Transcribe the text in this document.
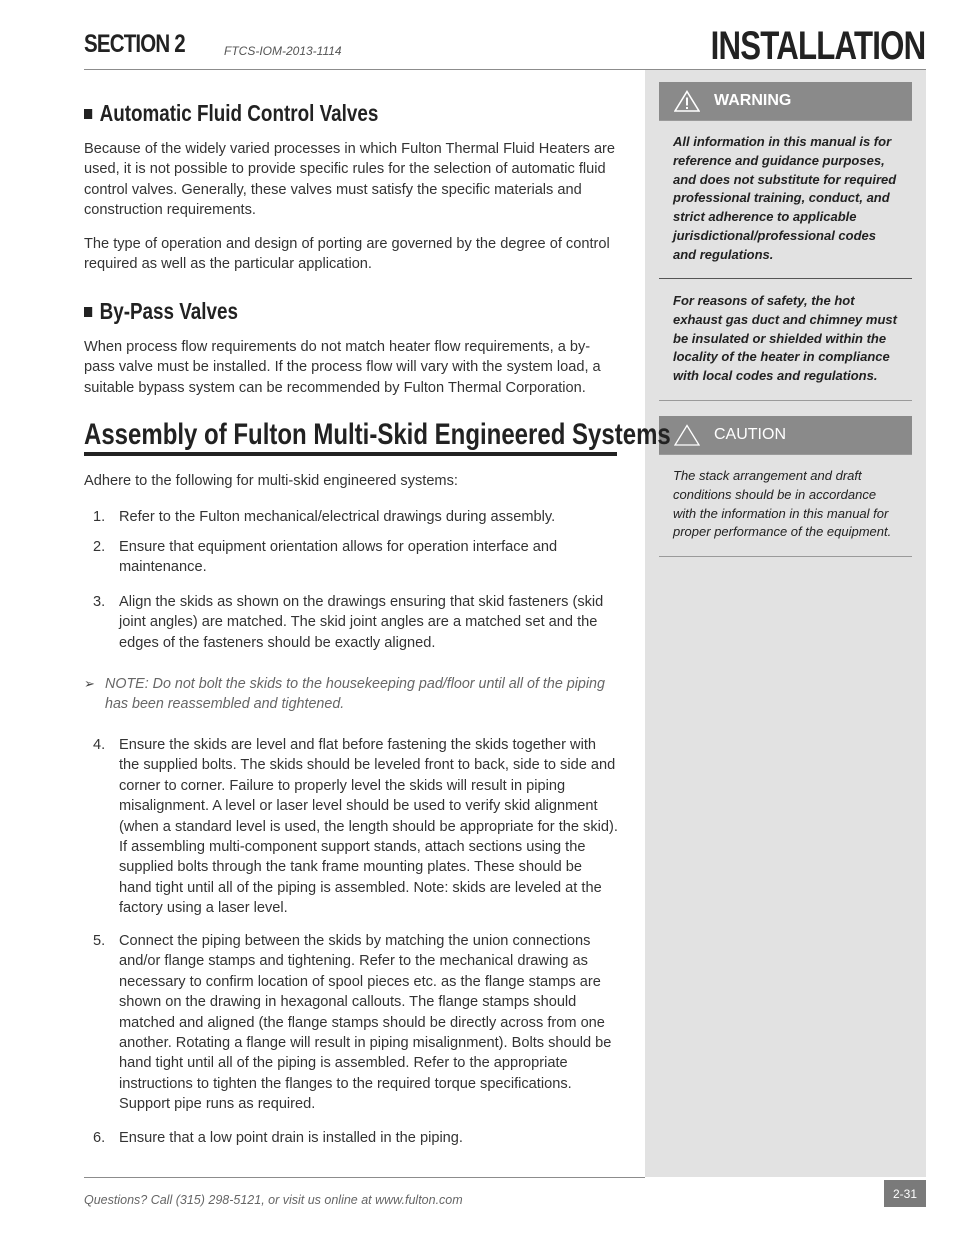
SECTION 2	FTCS-IOM-2013-1114	INSTALLATION
WARNING
All information in this manual is for reference and guidance purposes, and does not substitute for required professional training, conduct, and strict adherence to applicable jurisdictional/professional codes and regulations.
For reasons of safety, the hot exhaust gas duct and chimney must be insulated or shielded within the locality of the heater in compliance with local codes and regulations.
CAUTION
The stack arrangement and draft conditions should be in accordance with the information in this manual for proper performance of the equipment.
Automatic Fluid Control Valves
Because of the widely varied processes in which Fulton Thermal Fluid Heaters are used, it is not possible to provide specific rules for the selection of automatic fluid control valves. Generally, these valves must satisfy the specific materials and construction requirements.
The type of operation and design of porting are governed by the degree of control required as well as the particular application.
By-Pass Valves
When process flow requirements do not match heater flow requirements, a by-pass valve must be installed. If the process flow will vary with the system load, a suitable bypass system can be recommended by Fulton Thermal Corporation.
Assembly of Fulton Multi-Skid Engineered Systems
Adhere to the following for multi-skid engineered systems:
1. Refer to the Fulton mechanical/electrical drawings during assembly.
2. Ensure that equipment orientation allows for operation interface and maintenance.
3. Align the skids as shown on the drawings ensuring that skid fasteners (skid joint angles) are matched. The skid joint angles are a matched set and the edges of the fasteners should be exactly aligned.
➢ NOTE: Do not bolt the skids to the housekeeping pad/floor until all of the piping has been reassembled and tightened.
4. Ensure the skids are level and flat before fastening the skids together with the supplied bolts. The skids should be leveled front to back, side to side and corner to corner. Failure to properly level the skids will result in piping misalignment. A level or laser level should be used to verify skid alignment (when a standard level is used, the length should be appropriate for the skid). If assembling multi-component support stands, attach sections using the supplied bolts through the tank frame mounting plates. These should be hand tight until all of the piping is assembled. Note: skids are leveled at the factory using a laser level.
5. Connect the piping between the skids by matching the union connections and/or flange stamps and tightening. Refer to the mechanical drawing as necessary to confirm location of spool pieces etc. as the flange stamps are shown on the drawing in hexagonal callouts. The flange stamps should matched and aligned (the flange stamps should be directly across from one another. Rotating a flange will result in piping misalignment). Bolts should be hand tight until all of the piping is assembled. Refer to the appropriate instructions to tighten the flanges to the required torque specifications. Support pipe runs as required.
6. Ensure that a low point drain is installed in the piping.
Questions? Call (315) 298-5121, or visit us online at www.fulton.com	2-31
